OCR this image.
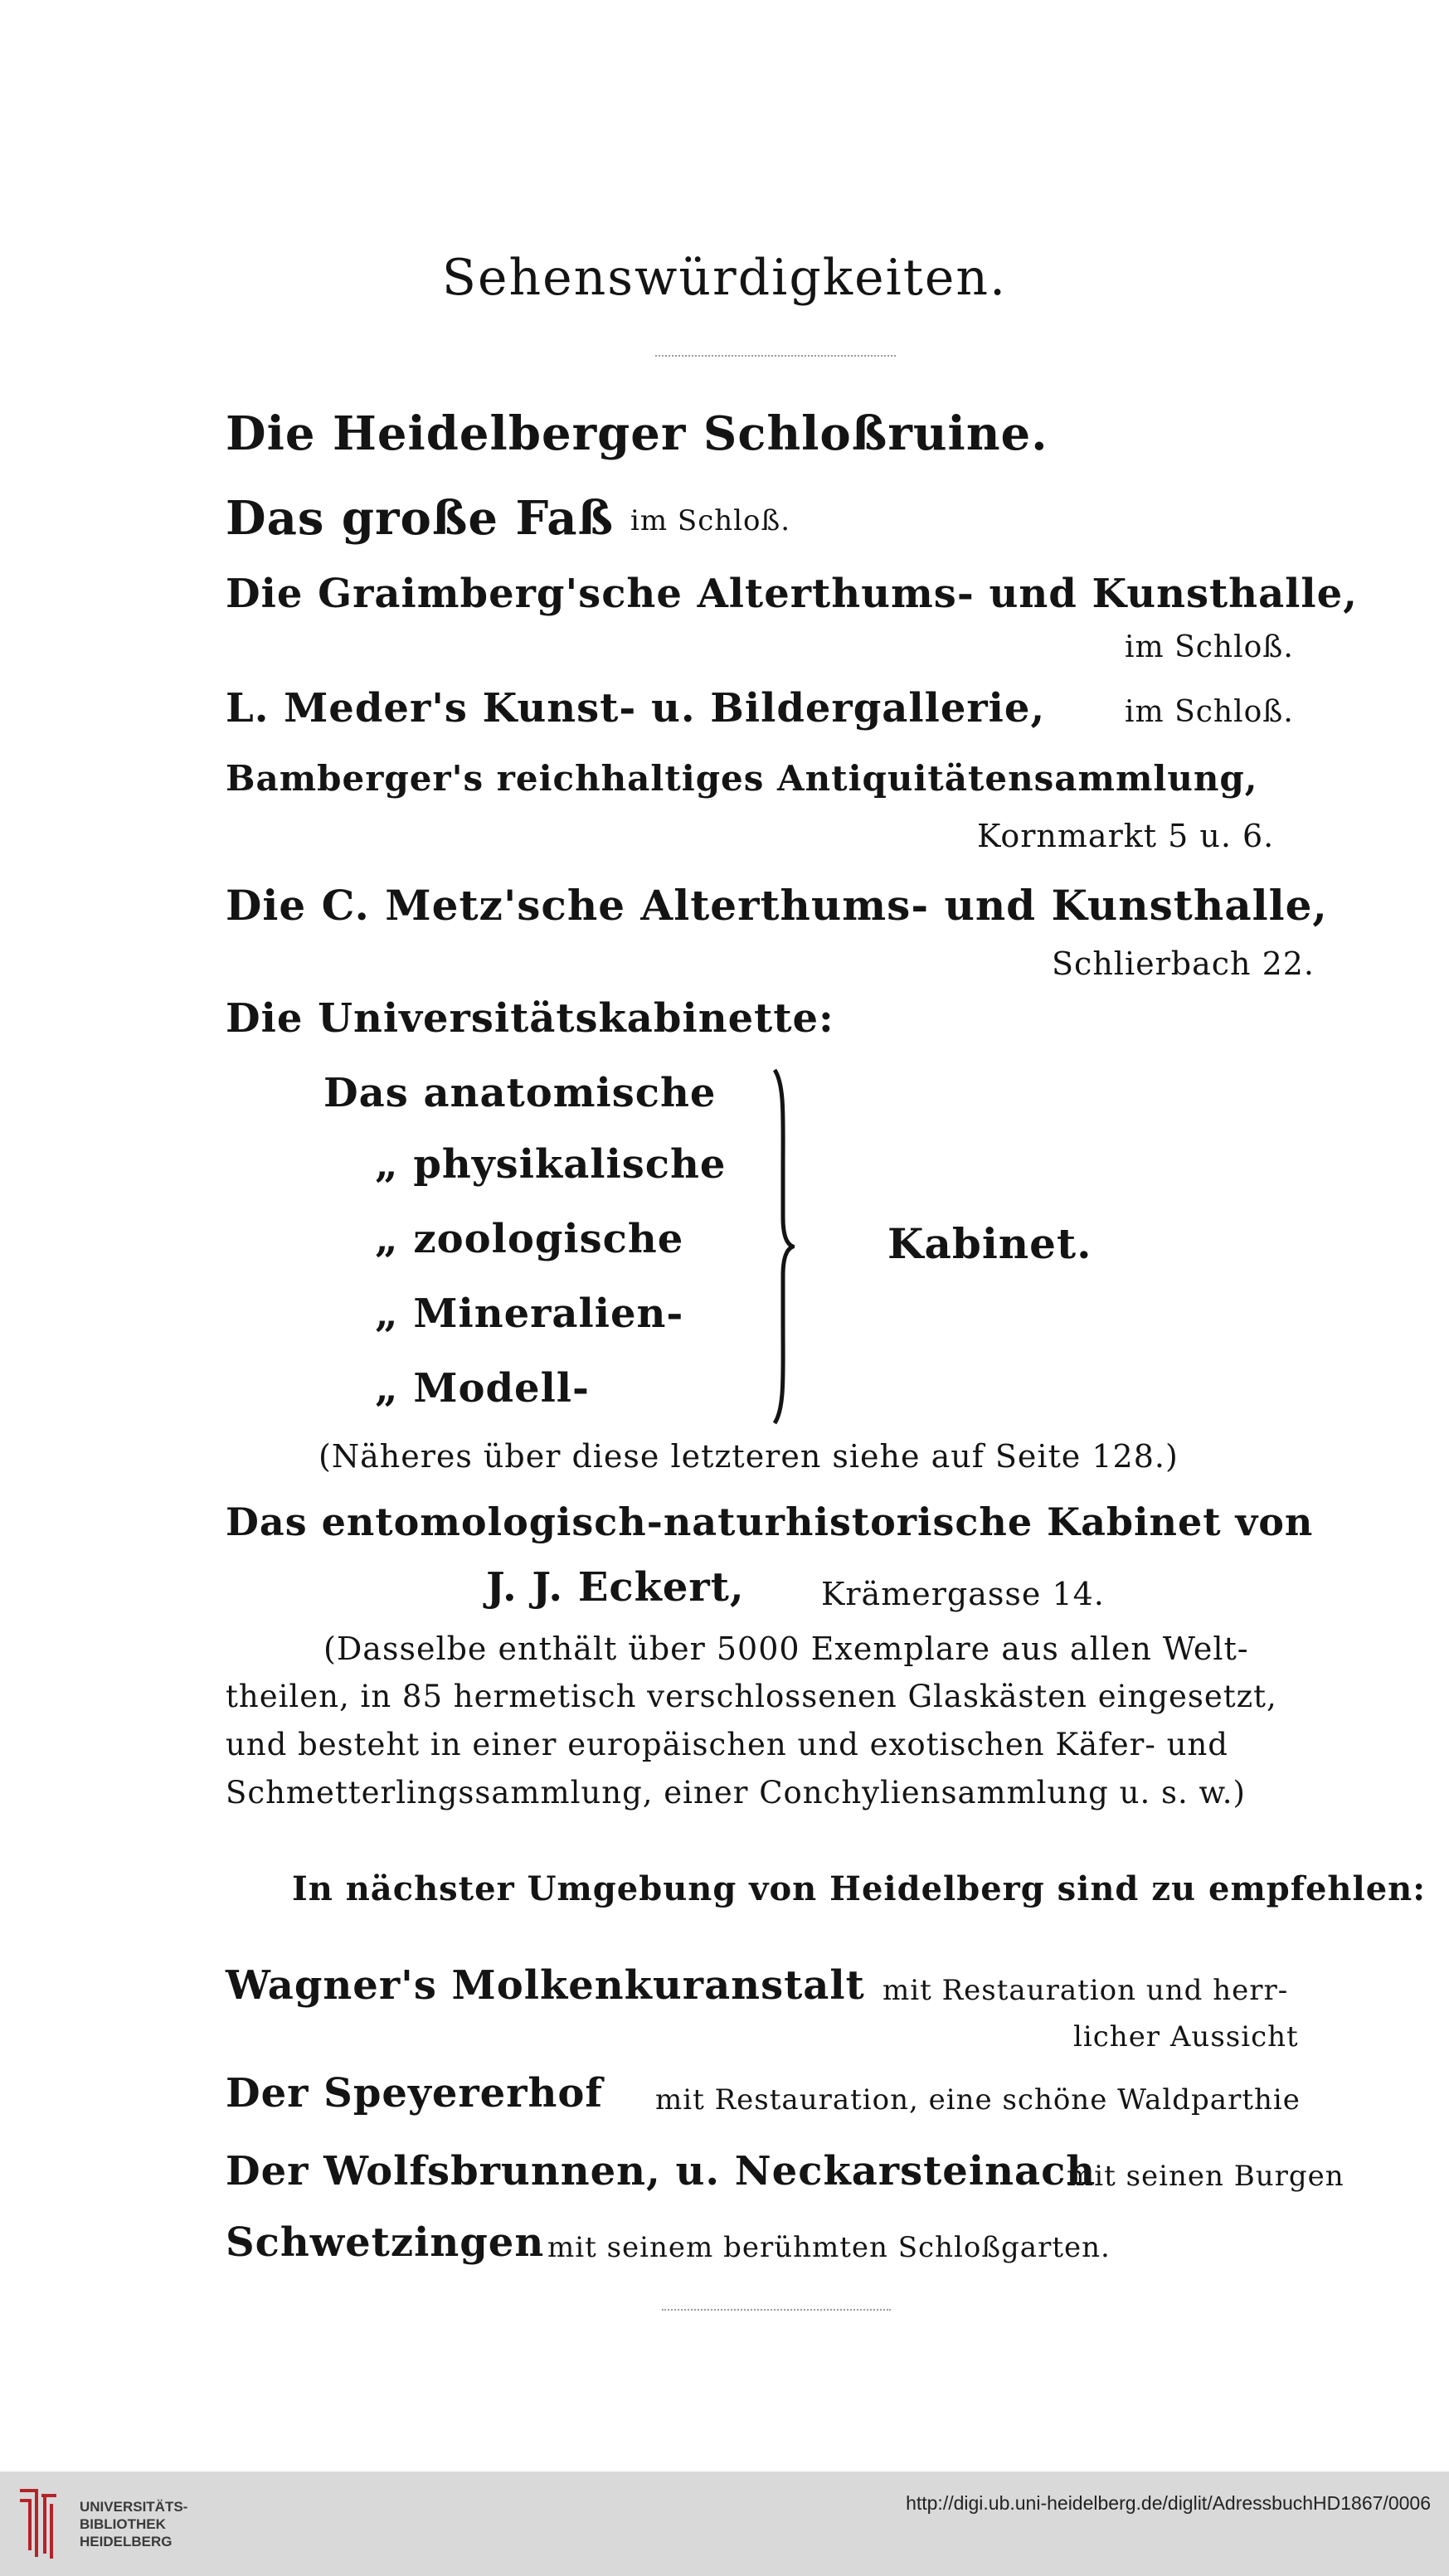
Sehenswürdigkeiten.
Die Heidelberger Schloßruine.
Das große Faß im Schloß.
Die Graimberg'sche Alterthums- und Kunsthalle,
im Schloß.
L. Meder's Kunst- u. Bildergallerie,	im Schloß.
Bamberger's reichhaltiges Antiquitätensammlung,
Kornmarkt 5 u. 6.
Die C. Metz'sche Alterthums- und Kunsthalle,
Schlierbach 22.
Die Universitätskabinette:
Das anatomische
„ physikalische
„ zoologische
„ Mineralien-
„ Modell-
Kabinet.
(Näheres über diese letzteren siehe auf Seite 128.)
Das entomologisch-naturhistorische Kabinet von
J. J. Eckert, Krämergasse 14.
(Dasselbe enthält über 5000 Exemplare aus allen Welt-
theilen, in 85 hermetisch verschlossenen Glaskästen eingesetzt,
und besteht in einer europäischen und exotischen Käfer- und
Schmetterlingssammlung, einer Conchyliensammlung u. s. w.)
In nächster Umgebung von Heidelberg sind zu empfehlen:
Wagner's Molkenkuranstalt mit Restauration und herr-
licher Aussicht
Der Speyererhof mit Restauration, eine schöne Waldparthie
Der Wolfsbrunnen, u. Neckarsteinach
mit seinen Burgen
Schwetzingen mit seinem berühmten Schloßgarten.
UNIVERSITÄTS-
BIBLIOTHEK
HEIDELBERG
http://digi.ub.uni-heidelberg.de/diglit/AdressbuchHD1867/0006
